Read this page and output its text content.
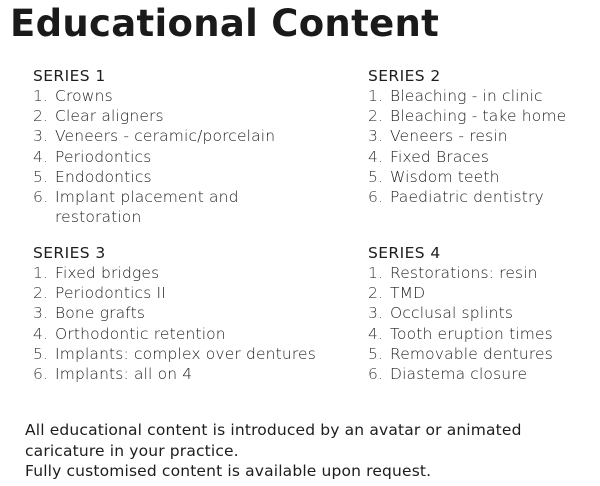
Educational Content
SERIES 1
1. Crowns
2. Clear aligners
3. Veneers - ceramic/porcelain
4. Periodontics
5. Endodontics
6. Implant placement and restoration
SERIES 2
1. Bleaching - in clinic
2. Bleaching - take home
3. Veneers - resin
4. Fixed Braces
5. Wisdom teeth
6. Paediatric dentistry
SERIES 3
1. Fixed bridges
2. Periodontics II
3. Bone grafts
4. Orthodontic retention
5. Implants: complex over dentures
6. Implants: all on 4
SERIES 4
1. Restorations: resin
2. TMD
3. Occlusal splints
4. Tooth eruption times
5. Removable dentures
6. Diastema closure

All educational content is introduced by an avatar or animated caricature in your practice.

Fully customised content is available upon request.
